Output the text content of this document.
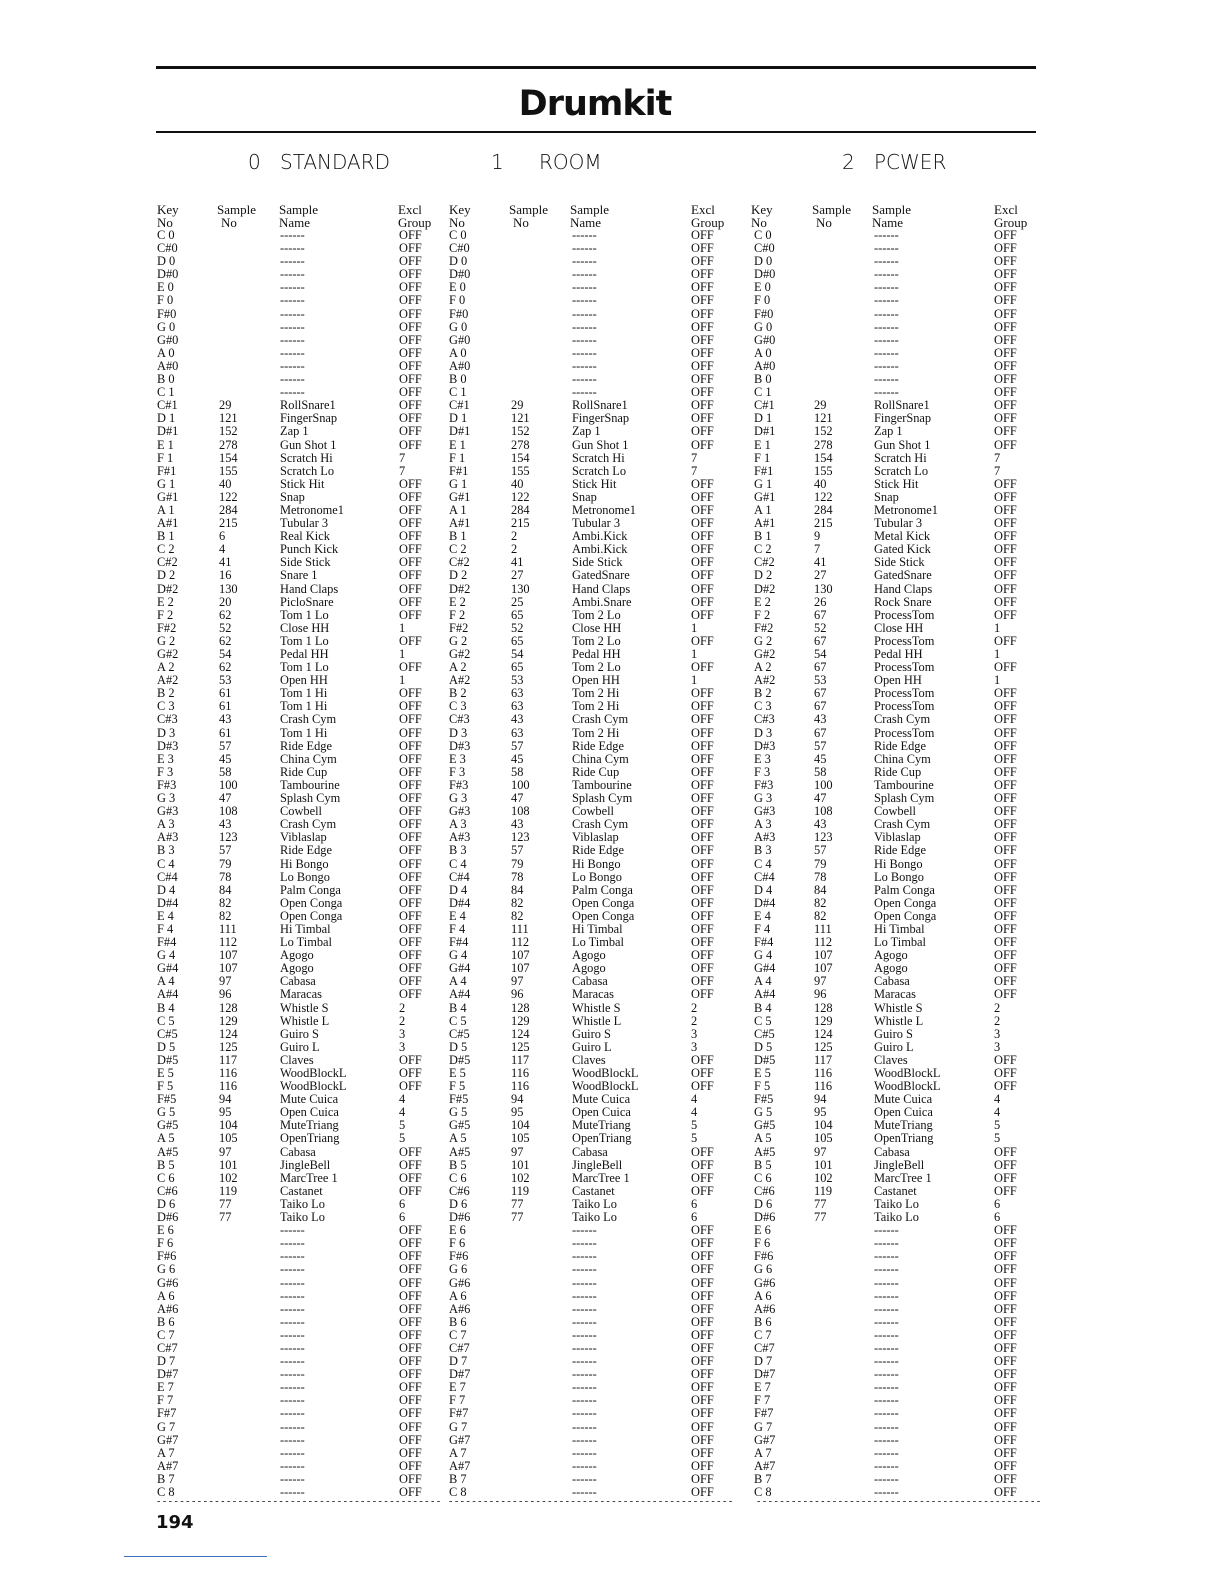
Drumkit
0 STANDARD	1 ROOM	2 PCWER
Key
No
Sample
No
Sample
Name
Excl
Group
Key
No
Sample
No
Sample
Name
Excl
Group
Key
No
Sample
No
Sample
Name
Excl
Group
C 0
C#0
D 0
D#0
E 0
F 0
F#0
G 0
G#0
A 0
A#0
B 0
C 1
C#1
D 1
D#1
E 1
F 1
F#1
G 1
G#1
A 1
A#1
B 1
C 2
C#2
D 2
D#2
E 2
F 2
F#2
G 2
G#2
A 2
A#2
B 2
C 3
C#3
D 3
D#3
E 3
F 3
F#3
G 3
G#3
A 3
A#3
B 3
C 4
C#4
D 4
D#4
E 4
F 4
F#4
G 4
G#4
A 4
A#4
B 4
C 5
C#5
D 5
D#5
E 5
F 5
F#5
G 5
G#5
A 5
A#5
B 5
C 6
C#6
D 6
D#6
E 6
F 6
F#6
G 6
G#6
A 6
A#6
B 6
C 7
C#7
D 7
D#7
E 7
F 7
F#7
G 7
G#7
A 7
A#7
B 7
C 8
29
121
152
278
154
155
40
122
284
215
6
4
41
16
130
20
62
52
62
54
62
53
61
61
43
61
57
45
58
100
47
108
43
123
57
79
78
84
82
82
111
112
107
107
97
96
128
129
124
125
117
116
116
94
95
104
105
97
101
102
119
77
77
------
------
------
------
------
------
------
------
------
------
------
------
------
RollSnare1
FingerSnap
Zap 1
Gun Shot 1
Scratch Hi
Scratch Lo
Stick Hit
Snap
Metronome1
Tubular 3
Real Kick
Punch Kick
Side Stick
Snare 1
Hand Claps
PicloSnare
Tom 1 Lo
Close HH
Tom 1 Lo
Pedal HH
Tom 1 Lo
Open HH
Tom 1 Hi
Tom 1 Hi
Crash Cym
Tom 1 Hi
Ride Edge
China Cym
Ride Cup
Tambourine
Splash Cym
Cowbell
Crash Cym
Viblaslap
Ride Edge
Hi Bongo
Lo Bongo
Palm Conga
Open Conga
Open Conga
Hi Timbal
Lo Timbal
Agogo
Agogo
Cabasa
Maracas
Whistle S
Whistle L
Guiro S
Guiro L
Claves
WoodBlockL
WoodBlockL
Mute Cuica
Open Cuica
MuteTriang
OpenTriang
Cabasa
JingleBell
MarcTree 1
Castanet
Taiko Lo
Taiko Lo
------
------
------
------
------
------
------
------
------
------
------
------
------
------
------
------
------
------
------
------
------
OFF
OFF
OFF
OFF
OFF
OFF
OFF
OFF
OFF
OFF
OFF
OFF
OFF
OFF
OFF
OFF
OFF
7
7
OFF
OFF
OFF
OFF
OFF
OFF
OFF
OFF
OFF
OFF
OFF
1
OFF
1
OFF
1
OFF
OFF
OFF
OFF
OFF
OFF
OFF
OFF
OFF
OFF
OFF
OFF
OFF
OFF
OFF
OFF
OFF
OFF
OFF
OFF
OFF
OFF
OFF
OFF
2
2
3
3
OFF
OFF
OFF
4
4
5
5
OFF
OFF
OFF
OFF
6
6
OFF
OFF
OFF
OFF
OFF
OFF
OFF
OFF
OFF
OFF
OFF
OFF
OFF
OFF
OFF
OFF
OFF
OFF
OFF
OFF
OFF
C 0
C#0
D 0
D#0
E 0
F 0
F#0
G 0
G#0
A 0
A#0
B 0
C 1
C#1
D 1
D#1
E 1
F 1
F#1
G 1
G#1
A 1
A#1
B 1
C 2
C#2
D 2
D#2
E 2
F 2
F#2
G 2
G#2
A 2
A#2
B 2
C 3
C#3
D 3
D#3
E 3
F 3
F#3
G 3
G#3
A 3
A#3
B 3
C 4
C#4
D 4
D#4
E 4
F 4
F#4
G 4
G#4
A 4
A#4
B 4
C 5
C#5
D 5
D#5
E 5
F 5
F#5
G 5
G#5
A 5
A#5
B 5
C 6
C#6
D 6
D#6
E 6
F 6
F#6
G 6
G#6
A 6
A#6
B 6
C 7
C#7
D 7
D#7
E 7
F 7
F#7
G 7
G#7
A 7
A#7
B 7
C 8
29
121
152
278
154
155
40
122
284
215
2
2
41
27
130
25
65
52
65
54
65
53
63
63
43
63
57
45
58
100
47
108
43
123
57
79
78
84
82
82
111
112
107
107
97
96
128
129
124
125
117
116
116
94
95
104
105
97
101
102
119
77
77
------
------
------
------
------
------
------
------
------
------
------
------
------
RollSnare1
FingerSnap
Zap 1
Gun Shot 1
Scratch Hi
Scratch Lo
Stick Hit
Snap
Metronome1
Tubular 3
Ambi.Kick
Ambi.Kick
Side Stick
GatedSnare
Hand Claps
Ambi.Snare
Tom 2 Lo
Close HH
Tom 2 Lo
Pedal HH
Tom 2 Lo
Open HH
Tom 2 Hi
Tom 2 Hi
Crash Cym
Tom 2 Hi
Ride Edge
China Cym
Ride Cup
Tambourine
Splash Cym
Cowbell
Crash Cym
Viblaslap
Ride Edge
Hi Bongo
Lo Bongo
Palm Conga
Open Conga
Open Conga
Hi Timbal
Lo Timbal
Agogo
Agogo
Cabasa
Maracas
Whistle S
Whistle L
Guiro S
Guiro L
Claves
WoodBlockL
WoodBlockL
Mute Cuica
Open Cuica
MuteTriang
OpenTriang
Cabasa
JingleBell
MarcTree 1
Castanet
Taiko Lo
Taiko Lo
------
------
------
------
------
------
------
------
------
------
------
------
------
------
------
------
------
------
------
------
------
OFF
OFF
OFF
OFF
OFF
OFF
OFF
OFF
OFF
OFF
OFF
OFF
OFF
OFF
OFF
OFF
OFF
7
7
OFF
OFF
OFF
OFF
OFF
OFF
OFF
OFF
OFF
OFF
OFF
1
OFF
1
OFF
1
OFF
OFF
OFF
OFF
OFF
OFF
OFF
OFF
OFF
OFF
OFF
OFF
OFF
OFF
OFF
OFF
OFF
OFF
OFF
OFF
OFF
OFF
OFF
OFF
2
2
3
3
OFF
OFF
OFF
4
4
5
5
OFF
OFF
OFF
OFF
6
6
OFF
OFF
OFF
OFF
OFF
OFF
OFF
OFF
OFF
OFF
OFF
OFF
OFF
OFF
OFF
OFF
OFF
OFF
OFF
OFF
OFF
C 0
C#0
D 0
D#0
E 0
F 0
F#0
G 0
G#0
A 0
A#0
B 0
C 1
C#1
D 1
D#1
E 1
F 1
F#1
G 1
G#1
A 1
A#1
B 1
C 2
C#2
D 2
D#2
E 2
F 2
F#2
G 2
G#2
A 2
A#2
B 2
C 3
C#3
D 3
D#3
E 3
F 3
F#3
G 3
G#3
A 3
A#3
B 3
C 4
C#4
D 4
D#4
E 4
F 4
F#4
G 4
G#4
A 4
A#4
B 4
C 5
C#5
D 5
D#5
E 5
F 5
F#5
G 5
G#5
A 5
A#5
B 5
C 6
C#6
D 6
D#6
E 6
F 6
F#6
G 6
G#6
A 6
A#6
B 6
C 7
C#7
D 7
D#7
E 7
F 7
F#7
G 7
G#7
A 7
A#7
B 7
C 8
29
121
152
278
154
155
40
122
284
215
9
7
41
27
130
26
67
52
67
54
67
53
67
67
43
67
57
45
58
100
47
108
43
123
57
79
78
84
82
82
111
112
107
107
97
96
128
129
124
125
117
116
116
94
95
104
105
97
101
102
119
77
77
------
------
------
------
------
------
------
------
------
------
------
------
------
RollSnare1
FingerSnap
Zap 1
Gun Shot 1
Scratch Hi
Scratch Lo
Stick Hit
Snap
Metronome1
Tubular 3
Metal Kick
Gated Kick
Side Stick
GatedSnare
Hand Claps
Rock Snare
ProcessTom
Close HH
ProcessTom
Pedal HH
ProcessTom
Open HH
ProcessTom
ProcessTom
Crash Cym
ProcessTom
Ride Edge
China Cym
Ride Cup
Tambourine
Splash Cym
Cowbell
Crash Cym
Viblaslap
Ride Edge
Hi Bongo
Lo Bongo
Palm Conga
Open Conga
Open Conga
Hi Timbal
Lo Timbal
Agogo
Agogo
Cabasa
Maracas
Whistle S
Whistle L
Guiro S
Guiro L
Claves
WoodBlockL
WoodBlockL
Mute Cuica
Open Cuica
MuteTriang
OpenTriang
Cabasa
JingleBell
MarcTree 1
Castanet
Taiko Lo
Taiko Lo
------
------
------
------
------
------
------
------
------
------
------
------
------
------
------
------
------
------
------
------
------
OFF
OFF
OFF
OFF
OFF
OFF
OFF
OFF
OFF
OFF
OFF
OFF
OFF
OFF
OFF
OFF
OFF
7
7
OFF
OFF
OFF
OFF
OFF
OFF
OFF
OFF
OFF
OFF
OFF
1
OFF
1
OFF
1
OFF
OFF
OFF
OFF
OFF
OFF
OFF
OFF
OFF
OFF
OFF
OFF
OFF
OFF
OFF
OFF
OFF
OFF
OFF
OFF
OFF
OFF
OFF
OFF
2
2
3
3
OFF
OFF
OFF
4
4
5
5
OFF
OFF
OFF
OFF
6
6
OFF
OFF
OFF
OFF
OFF
OFF
OFF
OFF
OFF
OFF
OFF
OFF
OFF
OFF
OFF
OFF
OFF
OFF
OFF
OFF
OFF
- - - - - - - - - - - - - - - - - - - - - - - - - - - - - - - - - - - - - - - - - - - - - - - - - - - - - - - - - - - - - - - - - - - - - - - - - - - - - - - - - - - - - - - - - - - - - - - - - - - - - - - - - - - - - - - - - - - - - - - - - - - - - - - - - - - - - - - - - - - - - - - - - - -
194
